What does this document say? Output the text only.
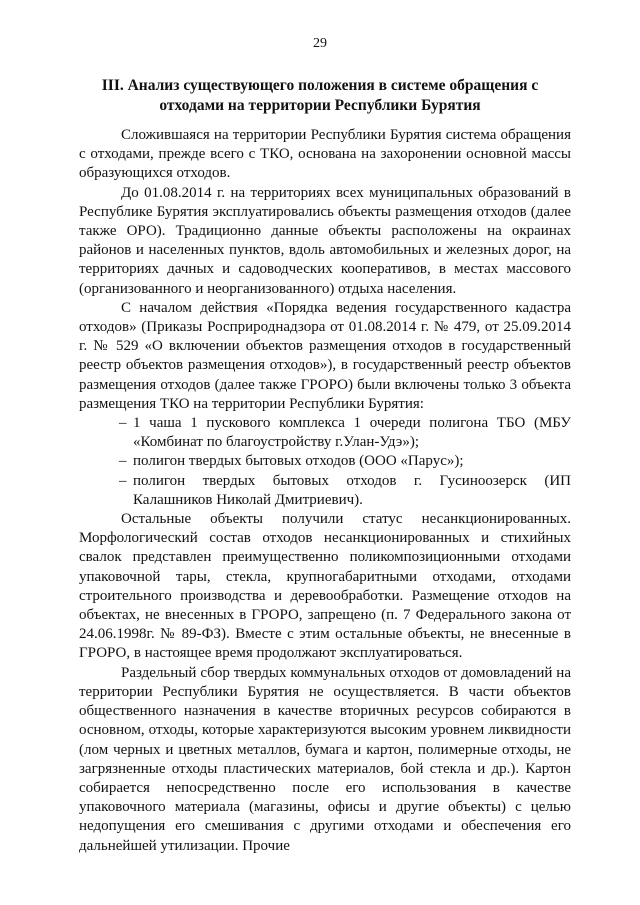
29
III. Анализ существующего положения в системе обращения с
отходами на территории Республики Бурятия

Сложившаяся на территории Республики Бурятия система обращения с отходами, прежде всего с ТКО, основана на захоронении основной массы образующихся отходов.

До 01.08.2014 г. на территориях всех муниципальных образований в Республике Бурятия эксплуатировались объекты размещения отходов (далее также ОРО). Традиционно данные объекты расположены на окраинах районов и населенных пунктов, вдоль автомобильных и железных дорог, на территориях дачных и садоводческих кооперативов, в местах массового (организованного и неорганизованного) отдыха населения.

С началом действия «Порядка ведения государственного кадастра отходов» (Приказы Росприроднадзора от 01.08.2014 г. № 479, от 25.09.2014 г. № 529 «О включении объектов размещения отходов в государственный реестр объектов размещения отходов»), в государственный реестр объектов размещения отходов (далее также ГРОРО) были включены только 3 объекта размещения ТКО на территории Республики Бурятия:

– 1 чаша 1 пускового комплекса 1 очереди полигона ТБО (МБУ «Комбинат по благоустройству г.Улан-Удэ»);
– полигон твердых бытовых отходов (ООО «Парус»);
– полигон твердых бытовых отходов г. Гусиноозерск (ИП Калашников Николай Дмитриевич).

Остальные объекты получили статус несанкционированных. Морфологический состав отходов несанкционированных и стихийных свалок представлен преимущественно поликомпозиционными отходами упаковочной тары, стекла, крупногабаритными отходами, отходами строительного производства и деревообработки. Размещение отходов на объектах, не внесенных в ГРОРО, запрещено (п. 7 Федерального закона от 24.06.1998г. № 89-ФЗ). Вместе с этим остальные объекты, не внесенные в ГРОРО, в настоящее время продолжают эксплуатироваться.

Раздельный сбор твердых коммунальных отходов от домовладений на территории Республики Бурятия не осуществляется. В части объектов общественного назначения в качестве вторичных ресурсов собираются в основном, отходы, которые характеризуются высоким уровнем ликвидности (лом черных и цветных металлов, бумага и картон, полимерные отходы, не загрязненные отходы пластических материалов, бой стекла и др.). Картон собирается непосредственно после его использования в качестве упаковочного материала (магазины, офисы и другие объекты) с целью недопущения его смешивания с другими отходами и обеспечения его дальнейшей утилизации. Прочие
